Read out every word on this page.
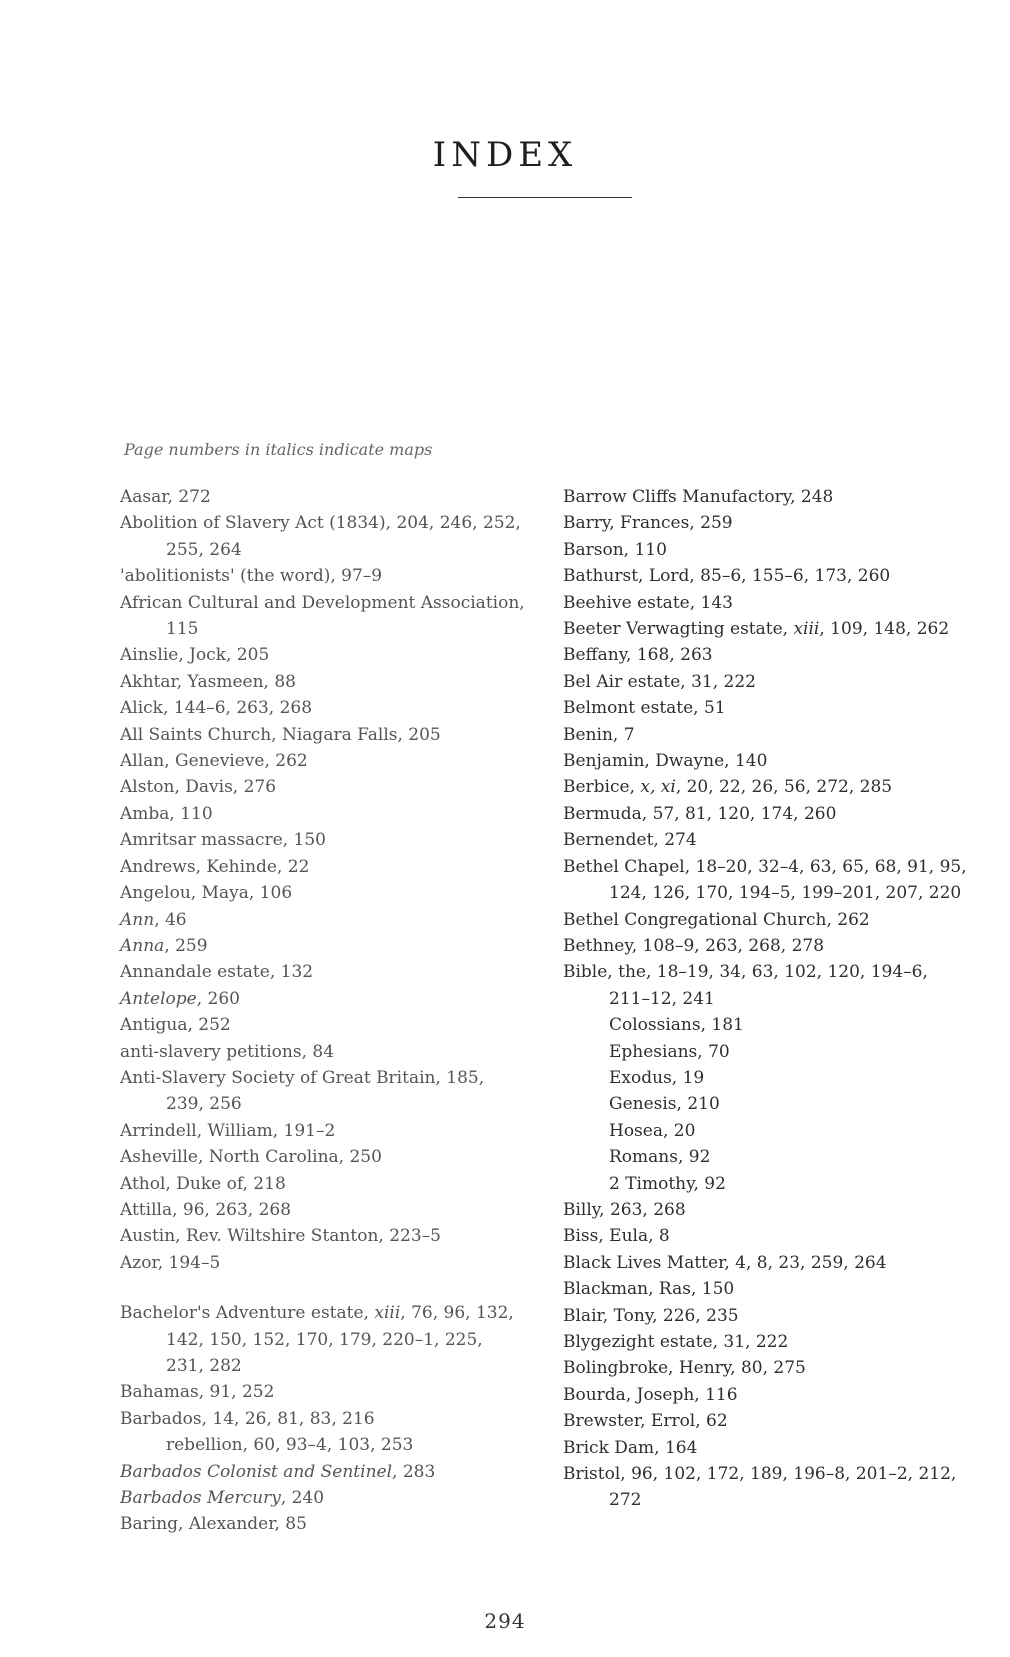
INDEX
Page numbers in italics indicate maps
Aasar, 272
Abolition of Slavery Act (1834), 204, 246, 252, 255, 264
'abolitionists' (the word), 97–9
African Cultural and Development Association, 115
Ainslie, Jock, 205
Akhtar, Yasmeen, 88
Alick, 144–6, 263, 268
All Saints Church, Niagara Falls, 205
Allan, Genevieve, 262
Alston, Davis, 276
Amba, 110
Amritsar massacre, 150
Andrews, Kehinde, 22
Angelou, Maya, 106
Ann, 46
Anna, 259
Annandale estate, 132
Antelope, 260
Antigua, 252
anti-slavery petitions, 84
Anti-Slavery Society of Great Britain, 185, 239, 256
Arrindell, William, 191–2
Asheville, North Carolina, 250
Athol, Duke of, 218
Attilla, 96, 263, 268
Austin, Rev. Wiltshire Stanton, 223–5
Azor, 194–5
Bachelor's Adventure estate, xiii, 76, 96, 132, 142, 150, 152, 170, 179, 220–1, 225, 231, 282
Bahamas, 91, 252
Barbados, 14, 26, 81, 83, 216
rebellion, 60, 93–4, 103, 253
Barbados Colonist and Sentinel, 283
Barbados Mercury, 240
Baring, Alexander, 85
Barrow Cliffs Manufactory, 248
Barry, Frances, 259
Barson, 110
Bathurst, Lord, 85–6, 155–6, 173, 260
Beehive estate, 143
Beeter Verwagting estate, xiii, 109, 148, 262
Beffany, 168, 263
Bel Air estate, 31, 222
Belmont estate, 51
Benin, 7
Benjamin, Dwayne, 140
Berbice, x, xi, 20, 22, 26, 56, 272, 285
Bermuda, 57, 81, 120, 174, 260
Bernendet, 274
Bethel Chapel, 18–20, 32–4, 63, 65, 68, 91, 95, 124, 126, 170, 194–5, 199–201, 207, 220
Bethel Congregational Church, 262
Bethney, 108–9, 263, 268, 278
Bible, the, 18–19, 34, 63, 102, 120, 194–6, 211–12, 241
Colossians, 181
Ephesians, 70
Exodus, 19
Genesis, 210
Hosea, 20
Romans, 92
2 Timothy, 92
Billy, 263, 268
Biss, Eula, 8
Black Lives Matter, 4, 8, 23, 259, 264
Blackman, Ras, 150
Blair, Tony, 226, 235
Blygezight estate, 31, 222
Bolingbroke, Henry, 80, 275
Bourda, Joseph, 116
Brewster, Errol, 62
Brick Dam, 164
Bristol, 96, 102, 172, 189, 196–8, 201–2, 212, 272
294
